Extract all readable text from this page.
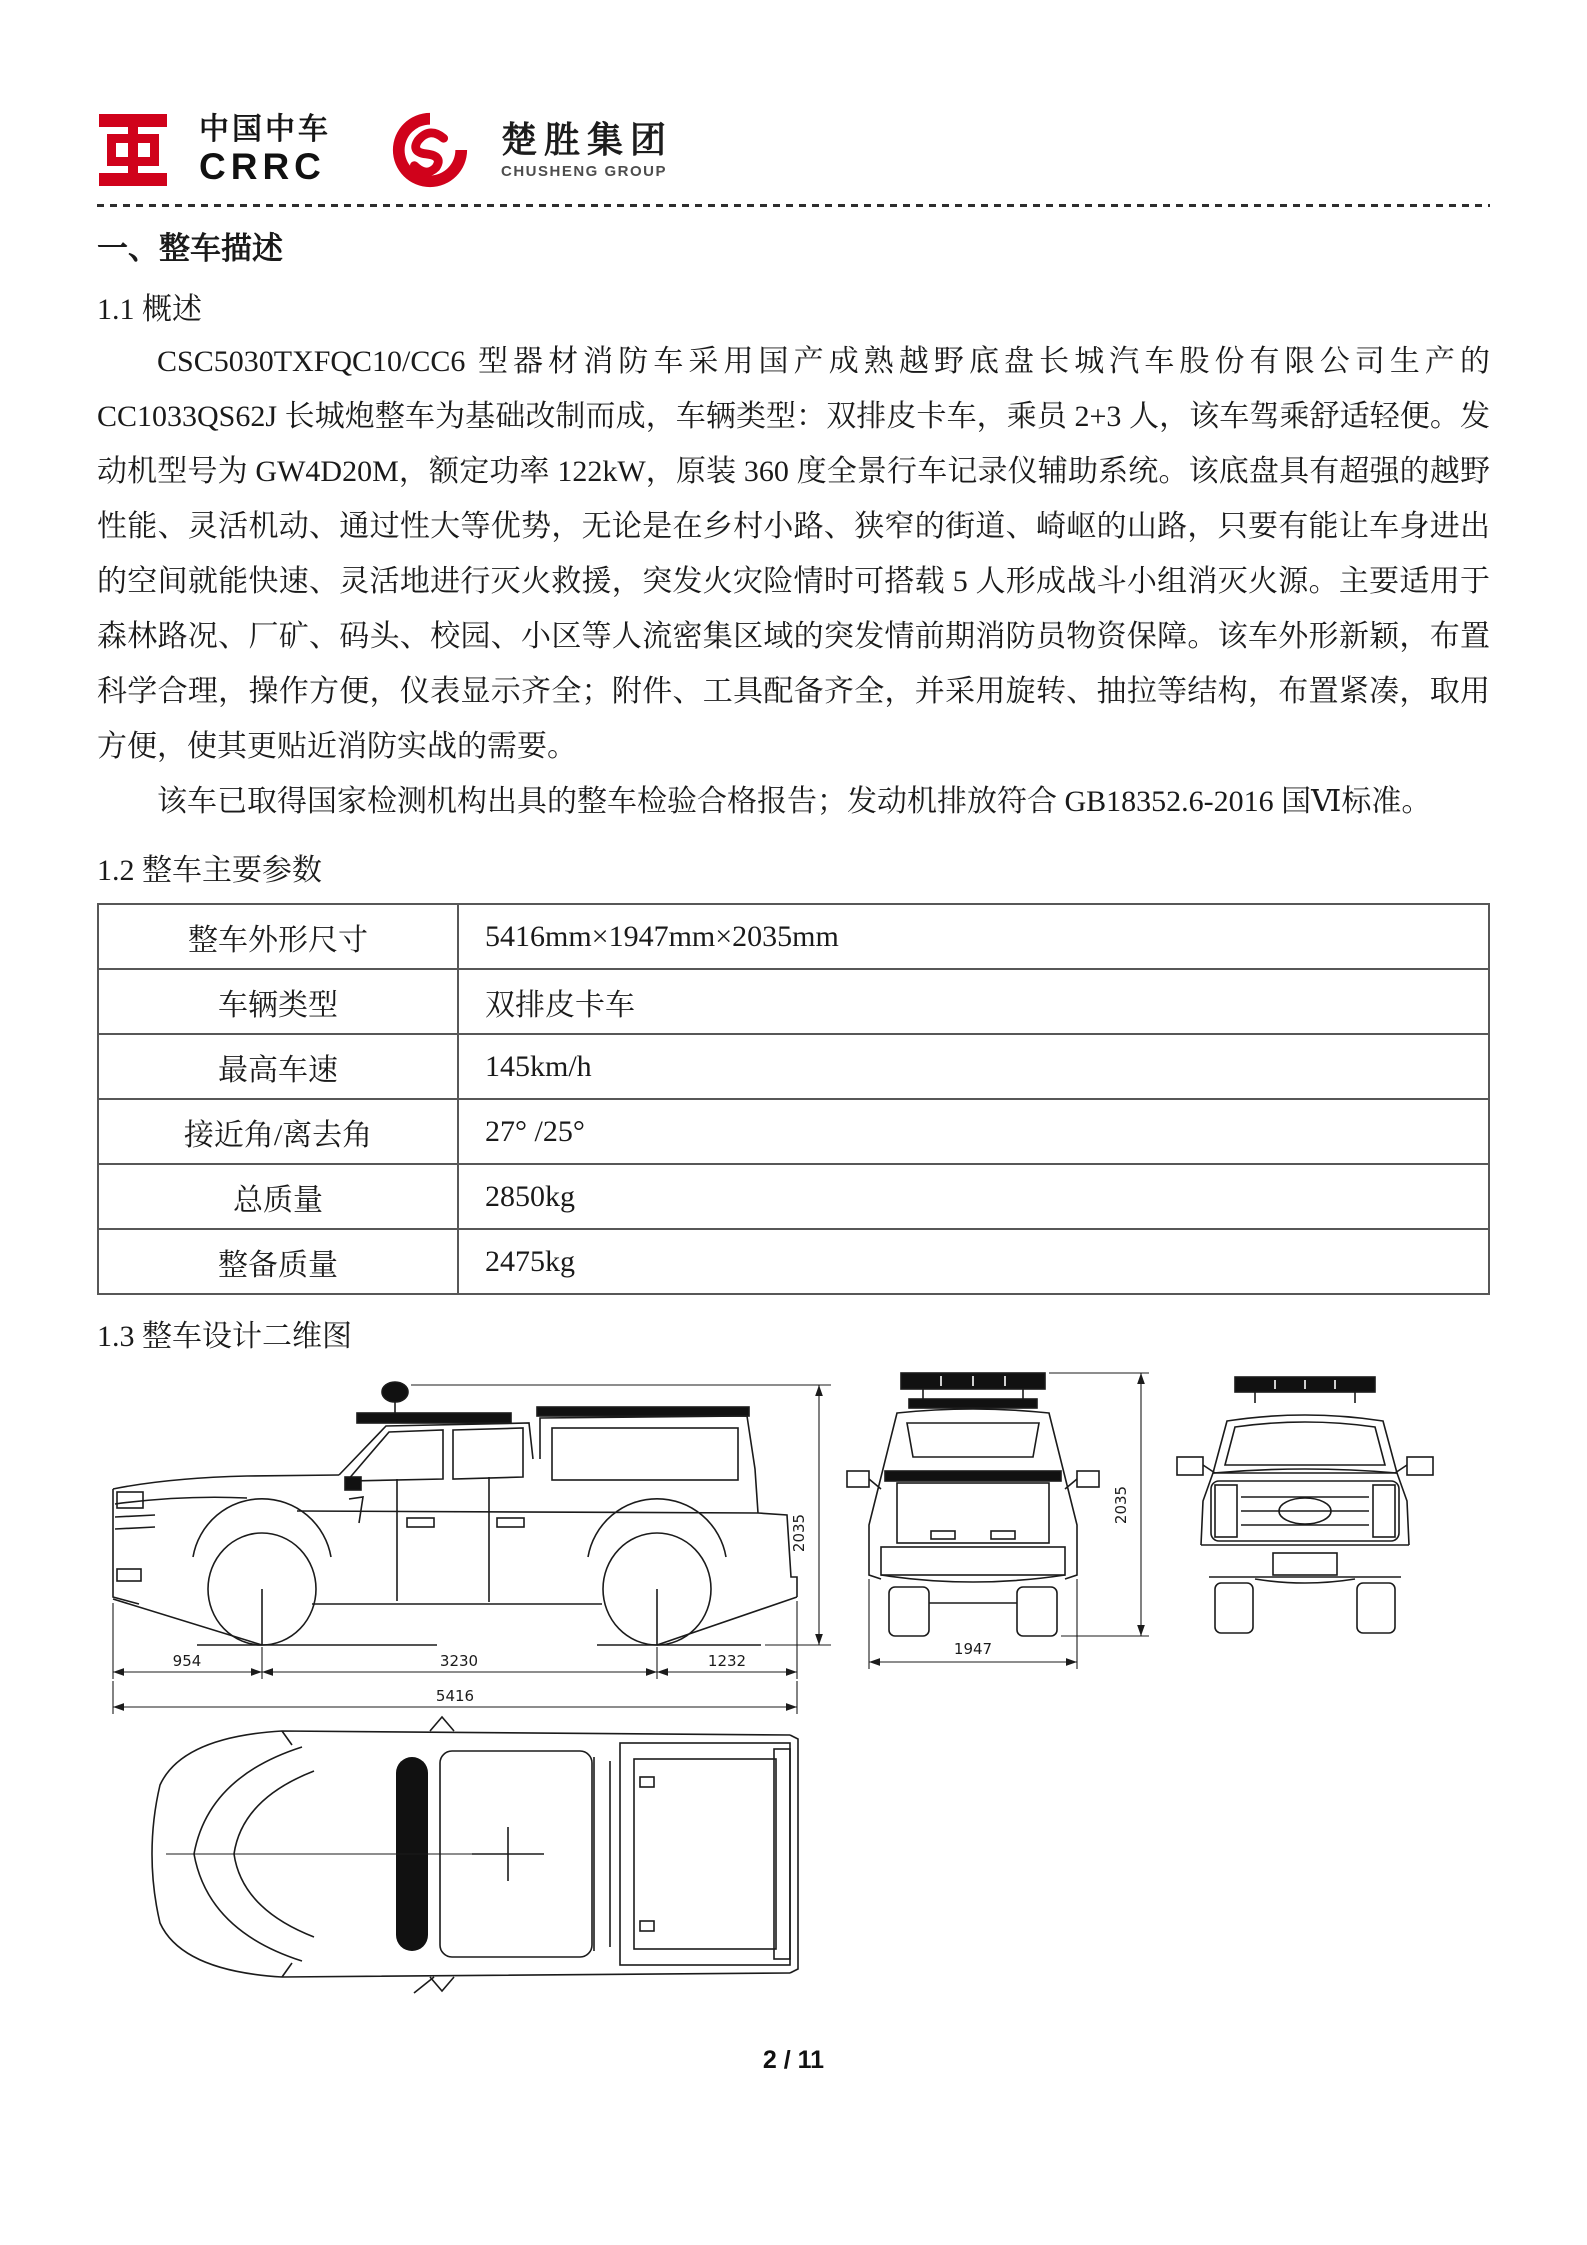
中国中车
CRRC
楚胜集团
CHUSHENG GROUP
一、整车描述
1.1 概述

CSC5030TXFQC10/CC6 型器材消防车采用国产成熟越野底盘长城汽车股份有限公司生产的 CC1033QS62J 长城炮整车为基础改制而成，车辆类型：双排皮卡车，乘员 2+3 人，该车驾乘舒适轻便。发动机型号为 GW4D20M，额定功率 122kW，原装 360 度全景行车记录仪辅助系统。该底盘具有超强的越野性能、灵活机动、通过性大等优势，无论是在乡村小路、狭窄的街道、崎岖的山路，只要有能让车身进出的空间就能快速、灵活地进行灭火救援，突发火灾险情时可搭载 5 人形成战斗小组消灭火源。主要适用于森林路况、厂矿、码头、校园、小区等人流密集区域的突发情前期消防员物资保障。该车外形新颖，布置科学合理，操作方便，仪表显示齐全；附件、工具配备齐全，并采用旋转、抽拉等结构，布置紧凑，取用方便，使其更贴近消防实战的需要。

该车已取得国家检测机构出具的整车检验合格报告；发动机排放符合 GB18352.6-2016 国Ⅵ标准。

1.2 整车主要参数
整车外形尺寸	5416mm×1947mm×2035mm
车辆类型	双排皮卡车
最高车速	145km/h
接近角/离去角	27° /25°
总质量	2850kg
整备质量	2475kg
1.3 整车设计二维图
2035
954	3230	1232
5416
2035
1947
2 / 11
